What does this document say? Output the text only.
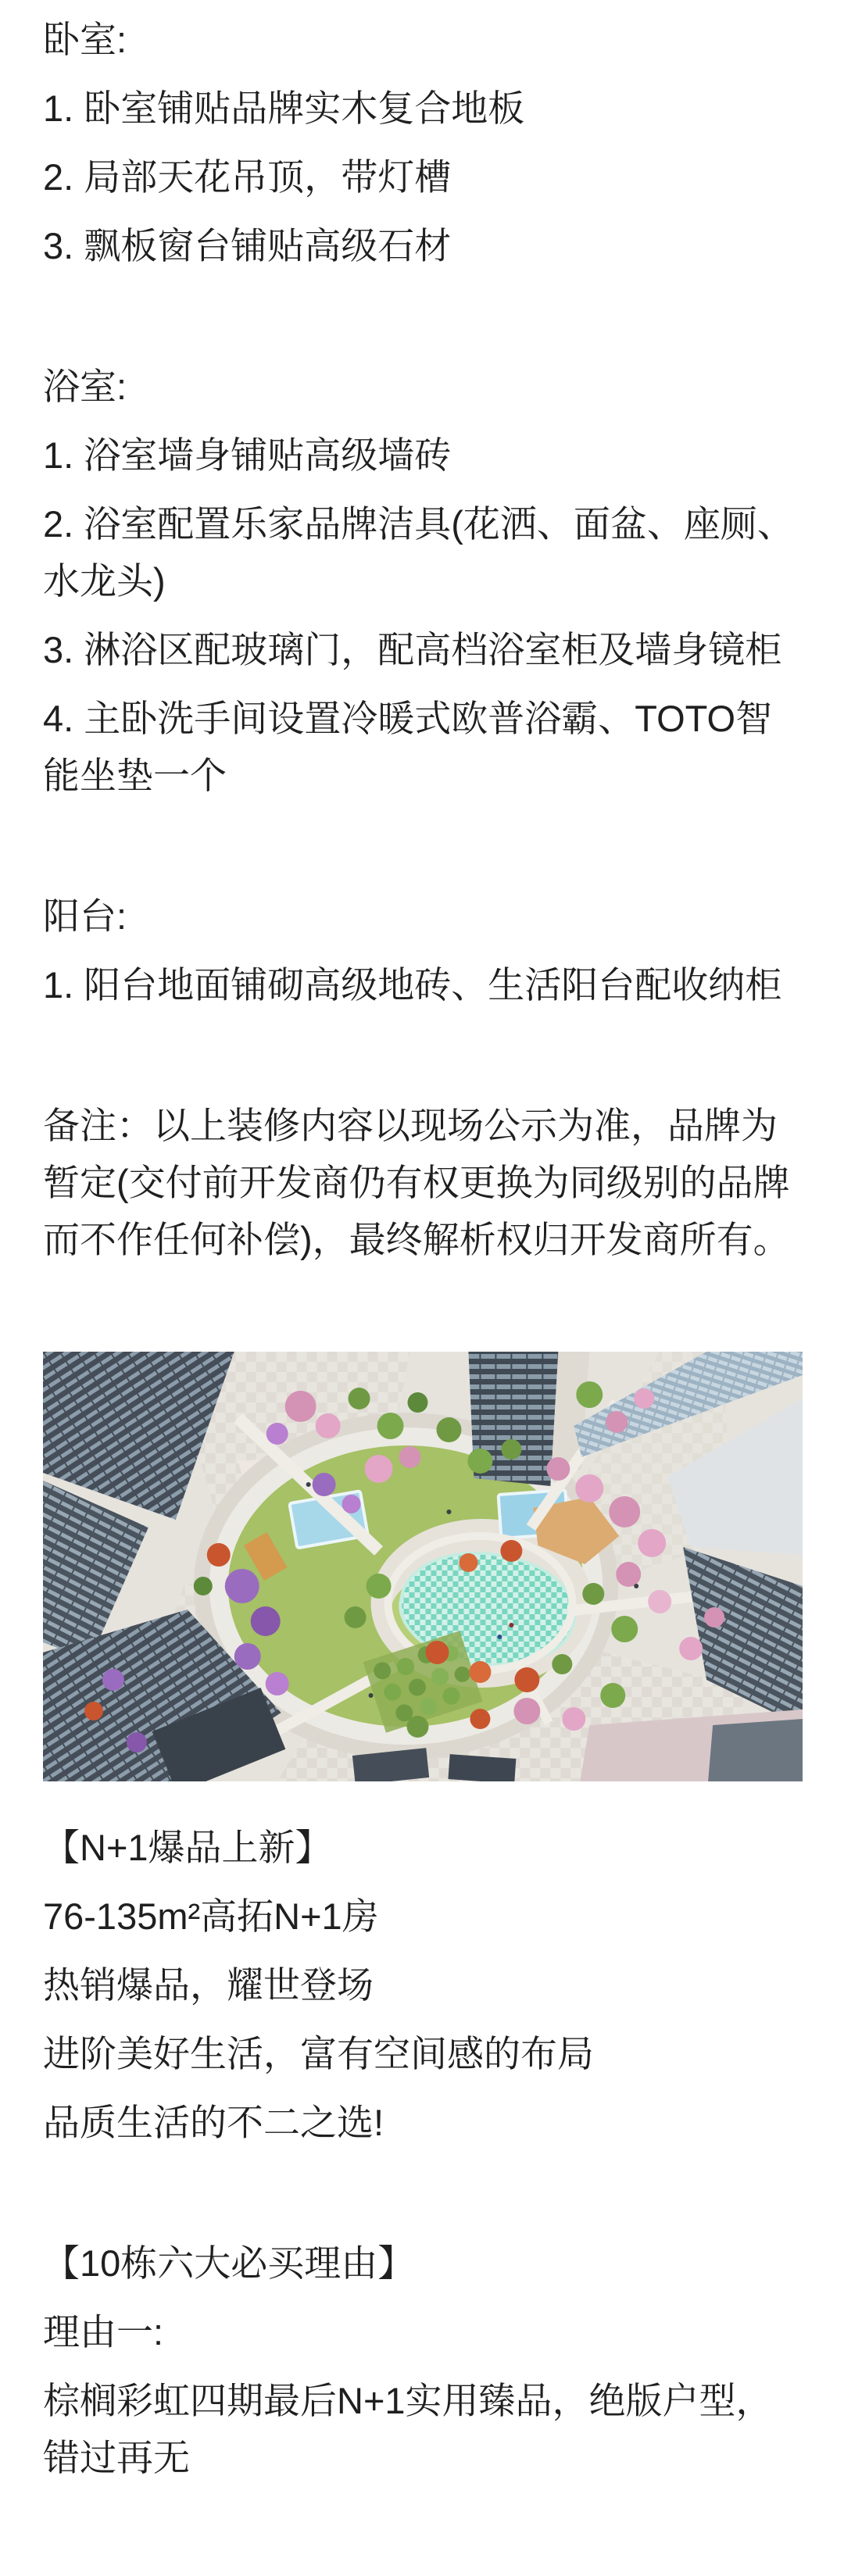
卧室:

1. 卧室铺贴品牌实木复合地板

2. 局部天花吊顶，带灯槽

3. 飘板窗台铺贴高级石材

浴室:

1. 浴室墙身铺贴高级墙砖

2. 浴室配置乐家品牌洁具(花洒、面盆、座厕、水龙头)

3. 淋浴区配玻璃门，配高档浴室柜及墙身镜柜

4. 主卧洗手间设置冷暖式欧普浴霸、TOTO智能坐垫一个

阳台:

1. 阳台地面铺砌高级地砖、生活阳台配收纳柜

备注：以上装修内容以现场公示为准，品牌为暂定(交付前开发商仍有权更换为同级别的品牌而不作任何补偿)，最终解析权归开发商所有。

【N+1爆品上新】

76-135m²高拓N+1房

热销爆品，耀世登场

进阶美好生活，富有空间感的布局

品质生活的不二之选!

【10栋六大必买理由】

理由一:

棕榈彩虹四期最后N+1实用臻品，绝版户型，错过再无
